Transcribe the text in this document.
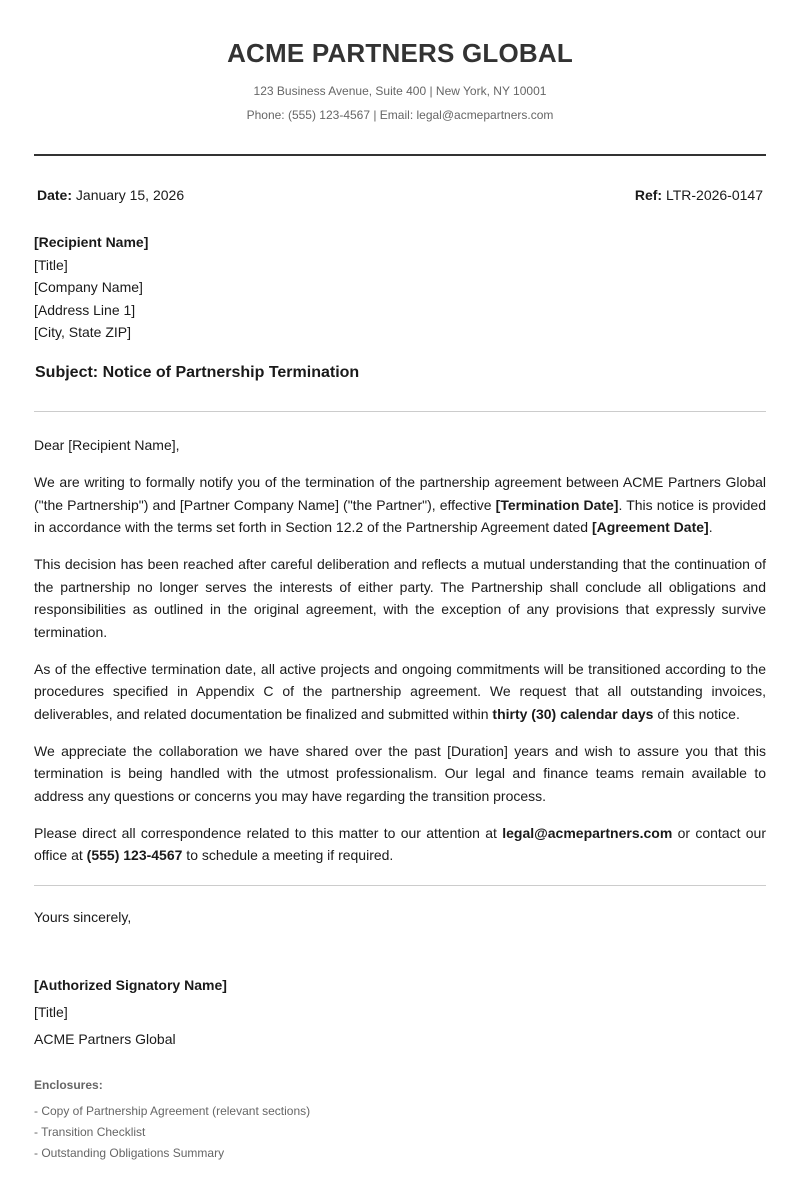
ACME PARTNERS GLOBAL
123 Business Avenue, Suite 400 | New York, NY 10001
Phone: (555) 123-4567 | Email: legal@acmepartners.com
Date: January 15, 2026	Ref: LTR-2026-0147
[Recipient Name]
[Title]
[Company Name]
[Address Line 1]
[City, State ZIP]
Subject: Notice of Partnership Termination

Dear [Recipient Name],

We are writing to formally notify you of the termination of the partnership agreement between ACME Partners Global ("the Partnership") and [Partner Company Name] ("the Partner"), effective [Termination Date]. This notice is provided in accordance with the terms set forth in Section 12.2 of the Partnership Agreement dated [Agreement Date].

This decision has been reached after careful deliberation and reflects a mutual understanding that the continuation of the partnership no longer serves the interests of either party. The Partnership shall conclude all obligations and responsibilities as outlined in the original agreement, with the exception of any provisions that expressly survive termination.

As of the effective termination date, all active projects and ongoing commitments will be transitioned according to the procedures specified in Appendix C of the partnership agreement. We request that all outstanding invoices, deliverables, and related documentation be finalized and submitted within thirty (30) calendar days of this notice.

We appreciate the collaboration we have shared over the past [Duration] years and wish to assure you that this termination is being handled with the utmost professionalism. Our legal and finance teams remain available to address any questions or concerns you may have regarding the transition process.

Please direct all correspondence related to this matter to our attention at legal@acmepartners.com or contact our office at (555) 123-4567 to schedule a meeting if required.

Yours sincerely,
[Authorized Signatory Name]
[Title]
ACME Partners Global
Enclosures:
- Copy of Partnership Agreement (relevant sections)
- Transition Checklist
- Outstanding Obligations Summary
